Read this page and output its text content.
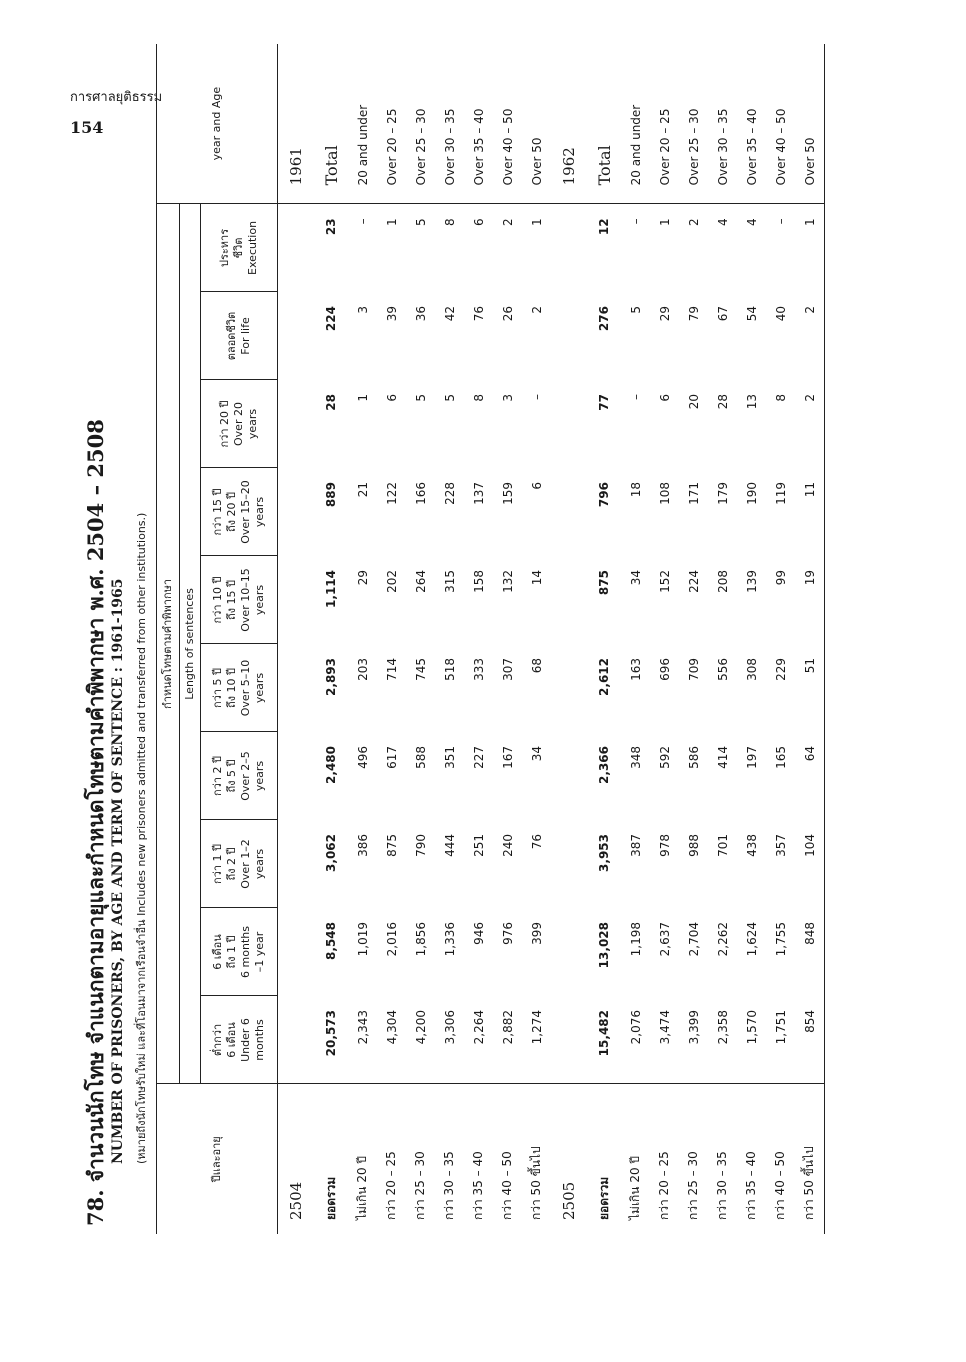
การศาลยุติธรรม
154
78. จำนวนนักโทษ จำแนกตามอายุและกำหนดโทษตามคำพิพากษา พ.ศ. 2504 – 2508 NUMBER OF PRISONERS, BY AGE AND TERM OF SENTENCE : 1961-1965 (หมายถึงนักโทษรับใหม่ และที่โอนมาจากเรือนจำอื่น Includes new prisoners admitted and transferred from other institutions.)
ปีและอายุ	กำหนดโทษตามคำพิพากษา										year and Age
	Length of sentences										

	ต่ำกว่า 6 เดือน Under 6 months	6 เดือน ถึง 1 ปี 6 months –1 year	กว่า 1 ปี ถึง 2 ปี Over 1–2 years	กว่า 2 ปี ถึง 5 ปี Over 2–5 years	กว่า 5 ปี ถึง 10 ปี Over 5–10 years	กว่า 10 ปี ถึง 15 ปี Over 10–15 years	กว่า 15 ปี ถึง 20 ปี Over 15–20 years	กว่า 20 ปี Over 20 years	ตลอดชีวิต For life	ประหาร ชีวิต Execution	

2504											1961
ยอดรวม	20,573	8,548	3,062	2,480	2,893	1,114	889	28	224	23	Total
ไม่เกิน 20 ปี	2,343	1,019	386	496	203	29	21	1	3	–	20 and under
กว่า 20 – 25	4,304	2,016	875	617	714	202	122	6	39	1	Over 20 – 25
กว่า 25 – 30	4,200	1,856	790	588	745	264	166	5	36	5	Over 25 – 30
กว่า 30 – 35	3,306	1,336	444	351	518	315	228	5	42	8	Over 30 – 35
กว่า 35 – 40	2,264	946	251	227	333	158	137	8	76	6	Over 35 – 40
กว่า 40 – 50	2,882	976	240	167	307	132	159	3	26	2	Over 40 – 50
กว่า 50 ขึ้นไป	1,274	399	76	34	68	14	6	–	2	1	Over 50
2505											1962
ยอดรวม	15,482	13,028	3,953	2,366	2,612	875	796	77	276	12	Total
ไม่เกิน 20 ปี	2,076	1,198	387	348	163	34	18	–	5	–	20 and under
กว่า 20 – 25	3,474	2,637	978	592	696	152	108	6	29	1	Over 20 – 25
กว่า 25 – 30	3,399	2,704	988	586	709	224	171	20	79	2	Over 25 – 30
กว่า 30 – 35	2,358	2,262	701	414	556	208	179	28	67	4	Over 30 – 35
กว่า 35 – 40	1,570	1,624	438	197	308	139	190	13	54	4	Over 35 – 40
กว่า 40 – 50	1,751	1,755	357	165	229	99	119	8	40	–	Over 40 – 50
กว่า 50 ขึ้นไป	854	848	104	64	51	19	11	2	2	1	Over 50
